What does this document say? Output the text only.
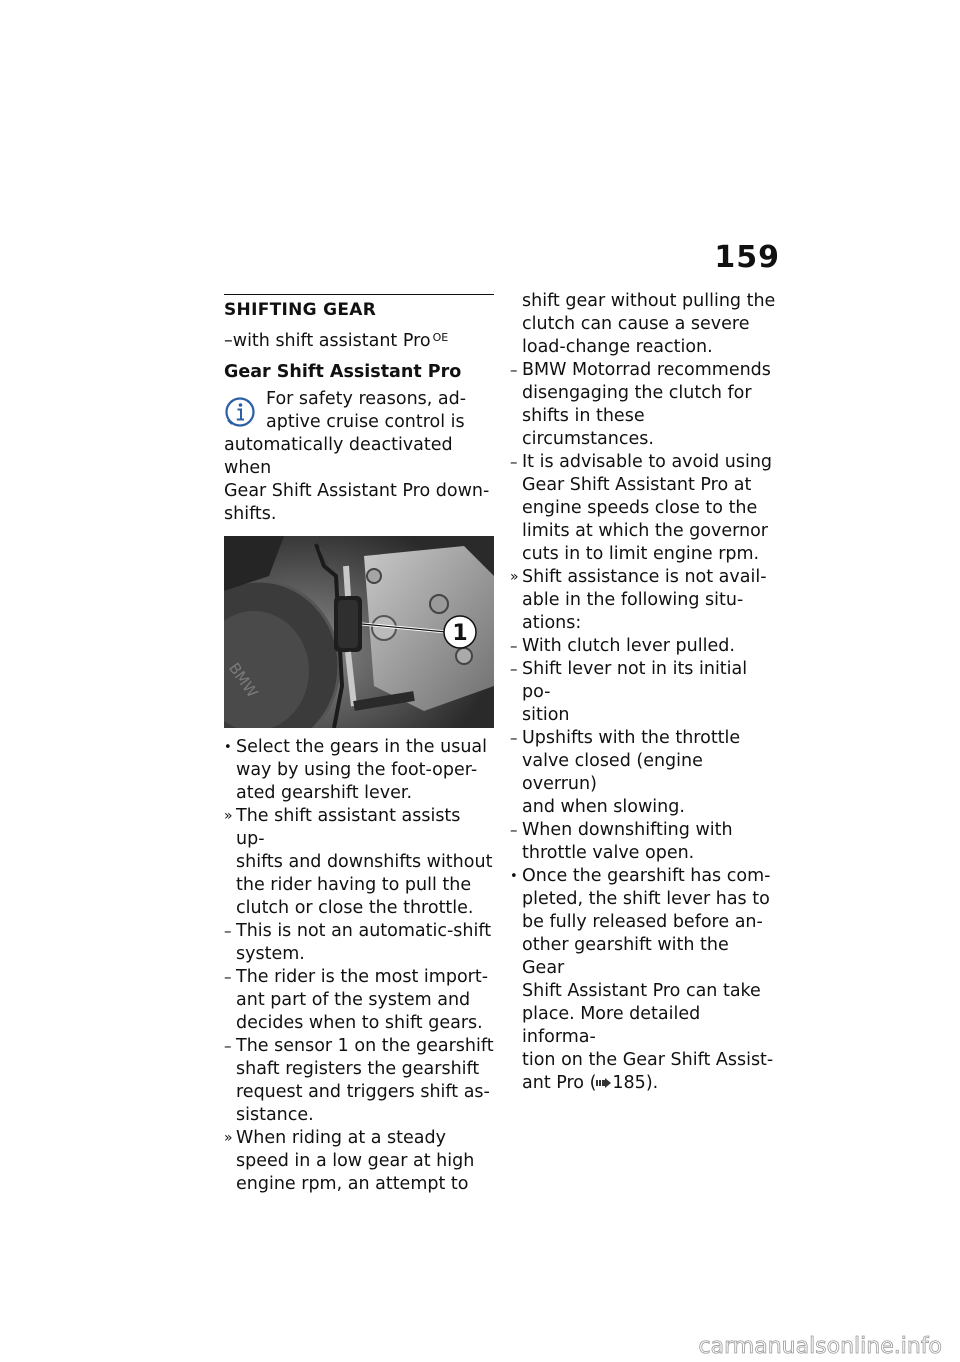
159
SHIFTING GEAR
–with shift assistant Pro $^{OE}$
Gear Shift Assistant Pro
For safety reasons, ad-
aptive cruise control is
automatically deactivated when
Gear Shift Assistant Pro down-
shifts.
BMW
1
• Select the gears in the usual
way by using the foot-oper-
ated gearshift lever.
» The shift assistant assists up-
shifts and downshifts without
the rider having to pull the
clutch or close the throttle.
– This is not an automatic-shift
system.
– The rider is the most import-
ant part of the system and
decides when to shift gears.
– The sensor 1 on the gearshift
shaft registers the gearshift
request and triggers shift as-
sistance.
» When riding at a steady
speed in a low gear at high
engine rpm, an attempt to
shift gear without pulling the
clutch can cause a severe
load-change reaction.
– BMW Motorrad recommends
disengaging the clutch for
shifts in these circumstances.
– It is advisable to avoid using
Gear Shift Assistant Pro at
engine speeds close to the
limits at which the governor
cuts in to limit engine rpm.
» Shift assistance is not avail-
able in the following situ-
ations:
– With clutch lever pulled.
– Shift lever not in its initial po-
sition
– Upshifts with the throttle
valve closed (engine overrun)
and when slowing.
– When downshifting with
throttle valve open.
• Once the gearshift has com-
pleted, the shift lever has to
be fully released before an-
other gearshift with the Gear
Shift Assistant Pro can take
place. More detailed informa-
tion on the Gear Shift Assist-
ant Pro ( 185).
carmanualsonline.info
